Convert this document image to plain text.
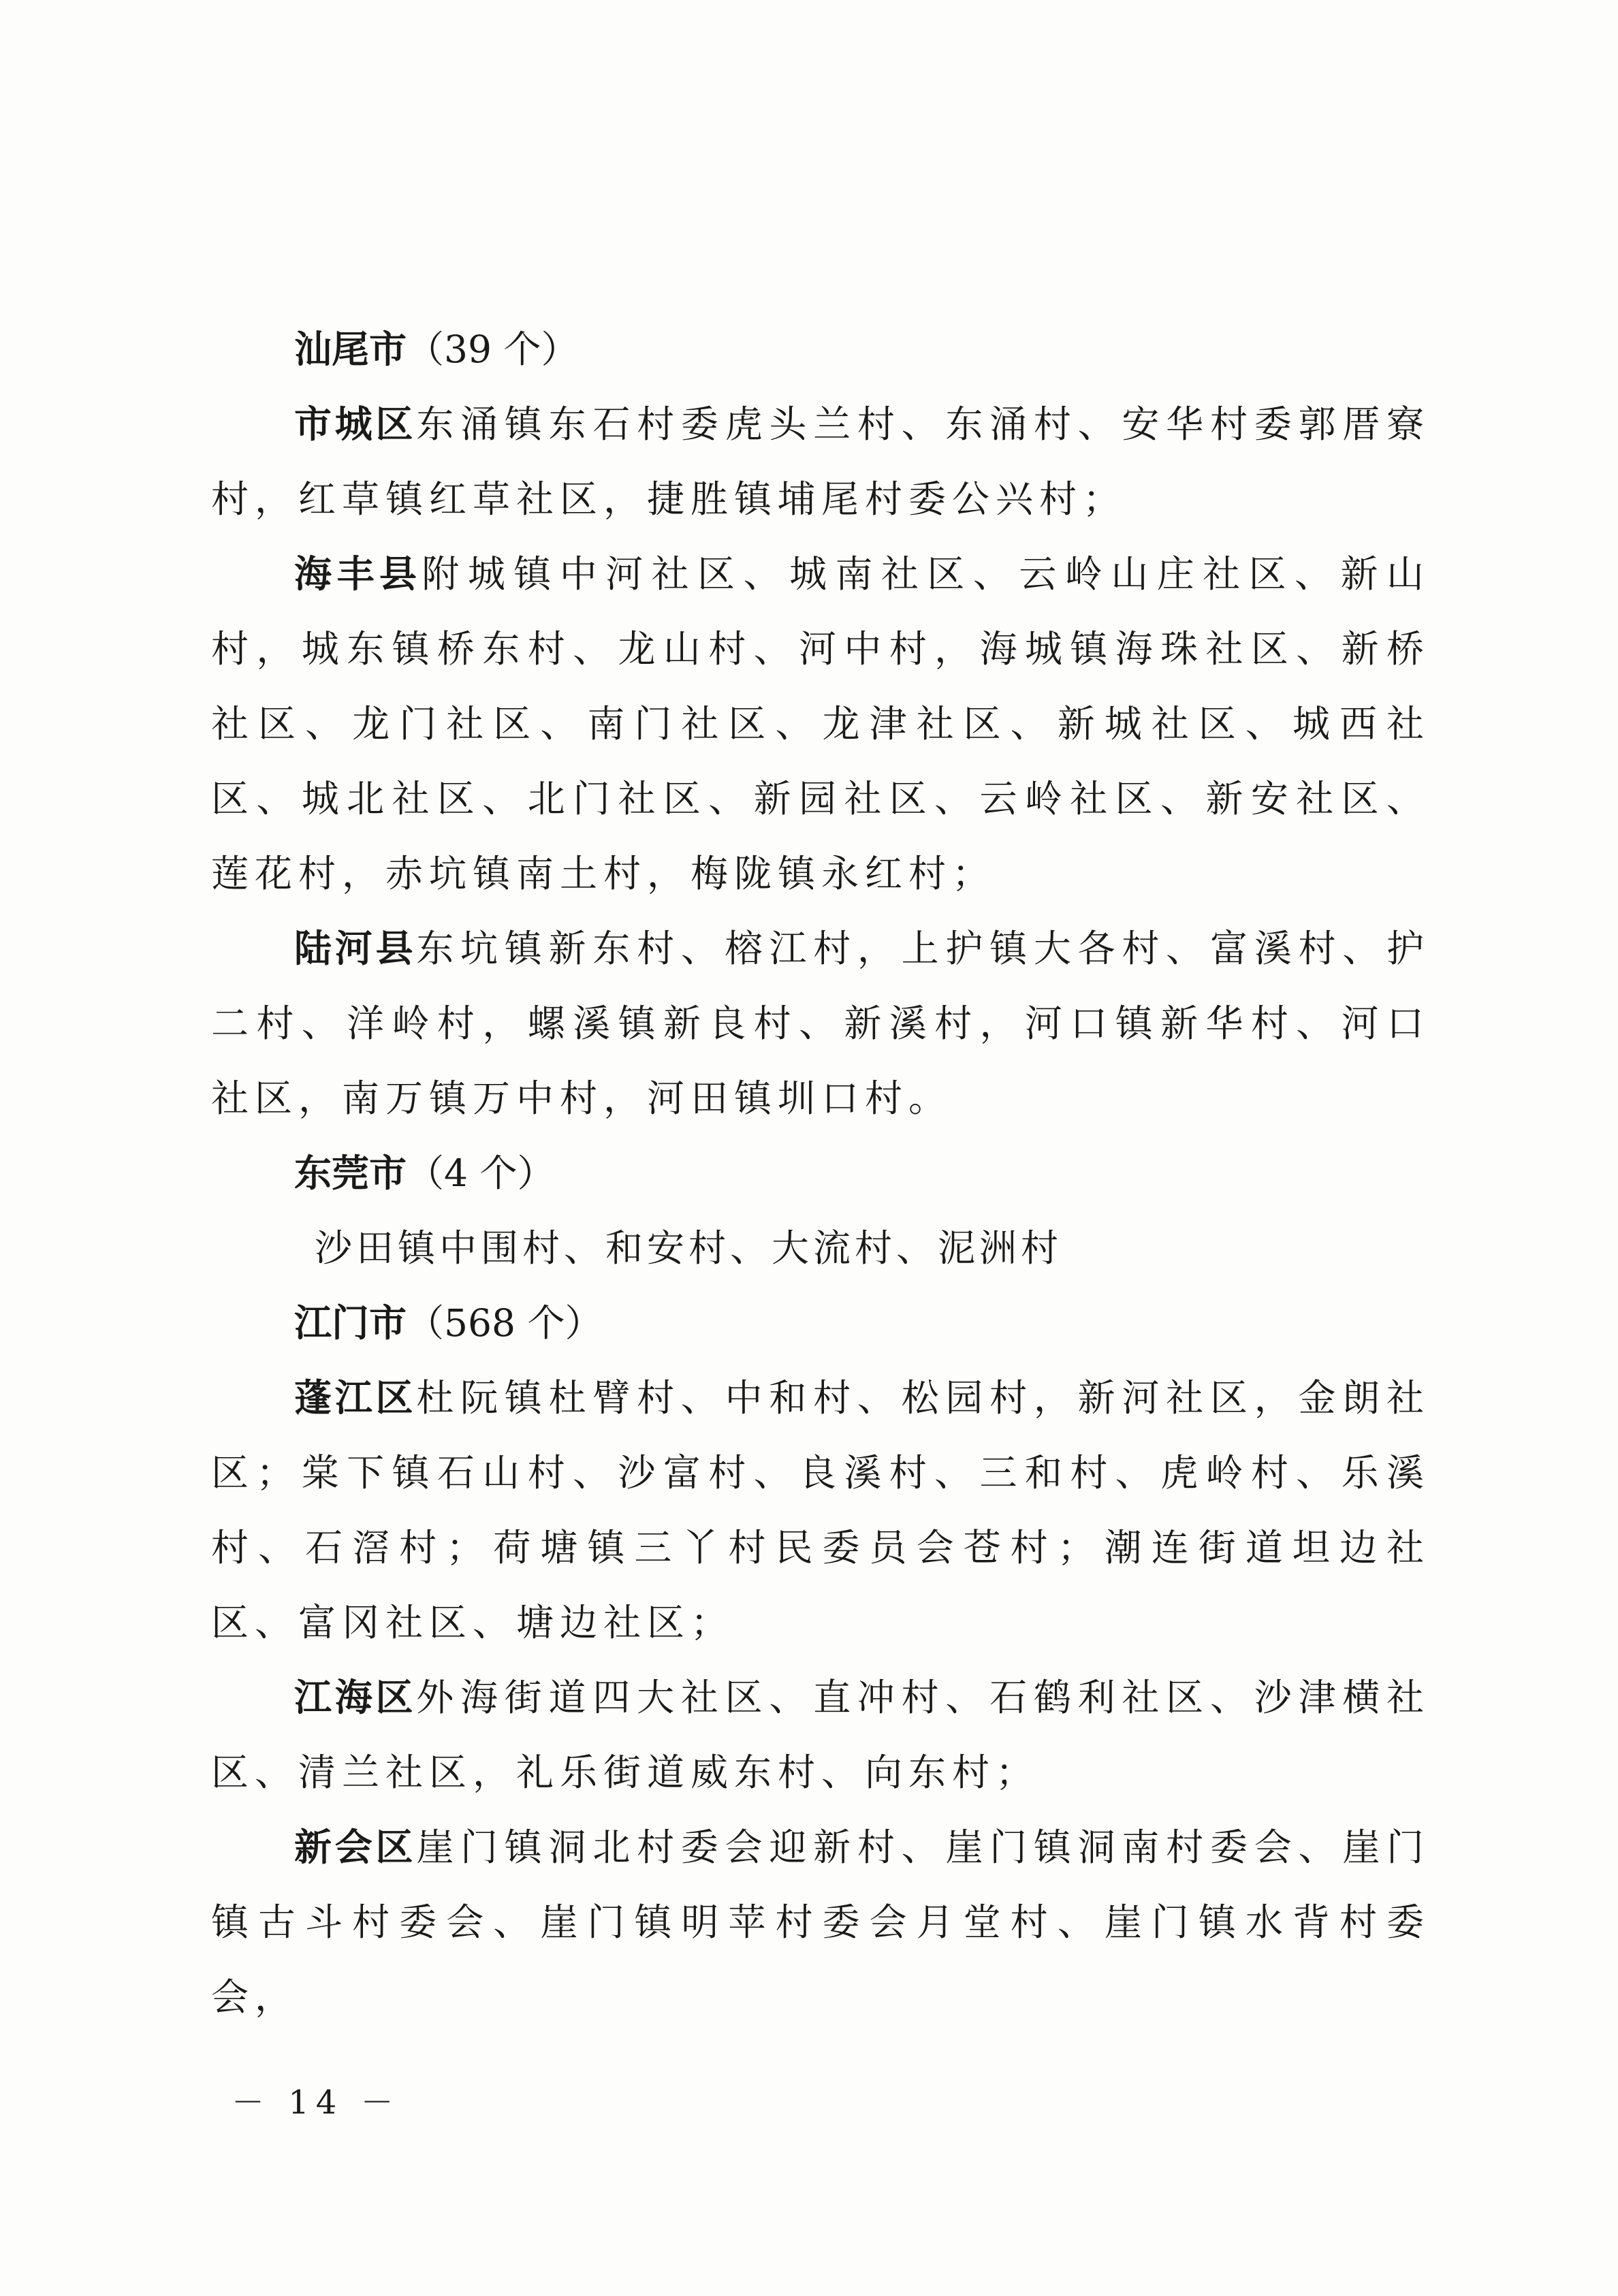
汕尾市（39 个）

市城区东涌镇东石村委虎头兰村、东涌村、安华村委郭厝寮村，红草镇红草社区，捷胜镇埔尾村委公兴村；

海丰县附城镇中河社区、城南社区、云岭山庄社区、新山村，城东镇桥东村、龙山村、河中村，海城镇海珠社区、新桥社区、龙门社区、南门社区、龙津社区、新城社区、城西社区、城北社区、北门社区、新园社区、云岭社区、新安社区、莲花村，赤坑镇南土村，梅陇镇永红村；

陆河县东坑镇新东村、榕江村，上护镇大各村、富溪村、护二村、洋岭村，螺溪镇新良村、新溪村，河口镇新华村、河口社区，南万镇万中村，河田镇圳口村。

东莞市（4 个）
沙田镇中围村、和安村、大流村、泥洲村
江门市（568 个）

蓬江区杜阮镇杜臂村、中和村、松园村，新河社区，金朗社区；棠下镇石山村、沙富村、良溪村、三和村、虎岭村、乐溪村、石滘村；荷塘镇三丫村民委员会苍村；潮连街道坦边社区、富冈社区、塘边社区；

江海区外海街道四大社区、直冲村、石鹤利社区、沙津横社区、清兰社区，礼乐街道威东村、向东村；

新会区崖门镇洞北村委会迎新村、崖门镇洞南村委会、崖门镇古斗村委会、崖门镇明苹村委会月堂村、崖门镇水背村委会，

－ 14 －
